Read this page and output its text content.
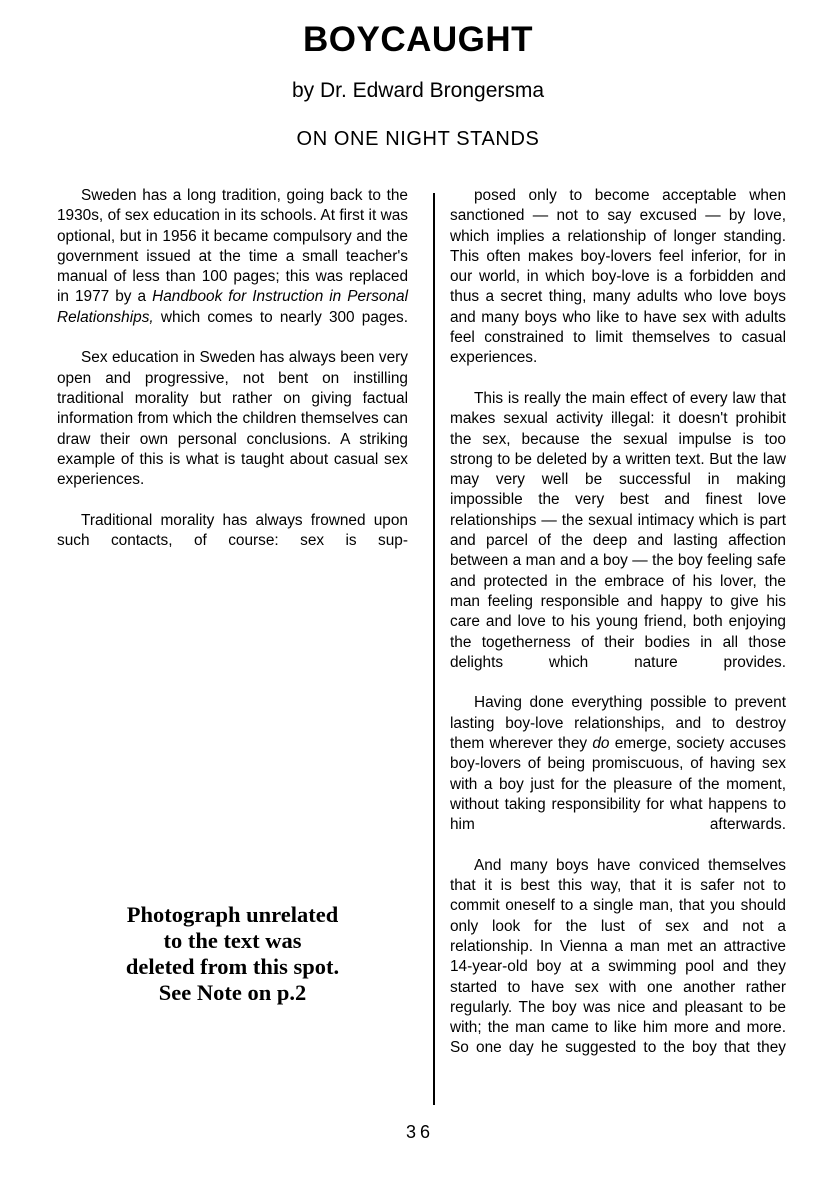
BOYCAUGHT

by Dr. Edward Brongersma

ON ONE NIGHT STANDS

Sweden has a long tradition, going back to the 1930s, of sex education in its schools. At first it was optional, but in 1956 it became compulsory and the government issued at the time a small teacher's manual of less than 100 pages; this was replaced in 1977 by a Handbook for Instruction in Personal Relationships, which comes to nearly 300 pages.

Sex education in Sweden has always been very open and progressive, not bent on instilling traditional morality but rather on giving factual information from which the children themselves can draw their own personal conclusions. A striking example of this is what is taught about casual sex experiences.

Traditional morality has always frowned upon such contacts, of course: sex is sup-

posed only to become acceptable when sanctioned — not to say excused — by love, which implies a relationship of longer standing. This often makes boy-lovers feel inferior, for in our world, in which boy-love is a forbidden and thus a secret thing, many adults who love boys and many boys who like to have sex with adults feel constrained to limit themselves to casual experiences.

This is really the main effect of every law that makes sexual activity illegal: it doesn't prohibit the sex, because the sexual impulse is too strong to be deleted by a written text. But the law may very well be successful in making impossible the very best and finest love relationships — the sexual intimacy which is part and parcel of the deep and lasting affection between a man and a boy — the boy feeling safe and protected in the embrace of his lover, the man feeling responsible and happy to give his care and love to his young friend, both enjoying the togetherness of their bodies in all those delights which nature provides.

Having done everything possible to prevent lasting boy-love relationships, and to destroy them wherever they do emerge, society accuses boy-lovers of being promiscuous, of having sex with a boy just for the pleasure of the moment, without taking responsibility for what happens to him afterwards.

And many boys have conviced themselves that it is best this way, that it is safer not to commit oneself to a single man, that you should only look for the lust of sex and not a relationship. In Vienna a man met an attractive 14-year-old boy at a swimming pool and they started to have sex with one another rather regularly. The boy was nice and pleasant to be with; the man came to like him more and more. So one day he suggested to the boy that they

Photograph unrelated
to the text was
deleted from this spot.
See Note on p.2
36
